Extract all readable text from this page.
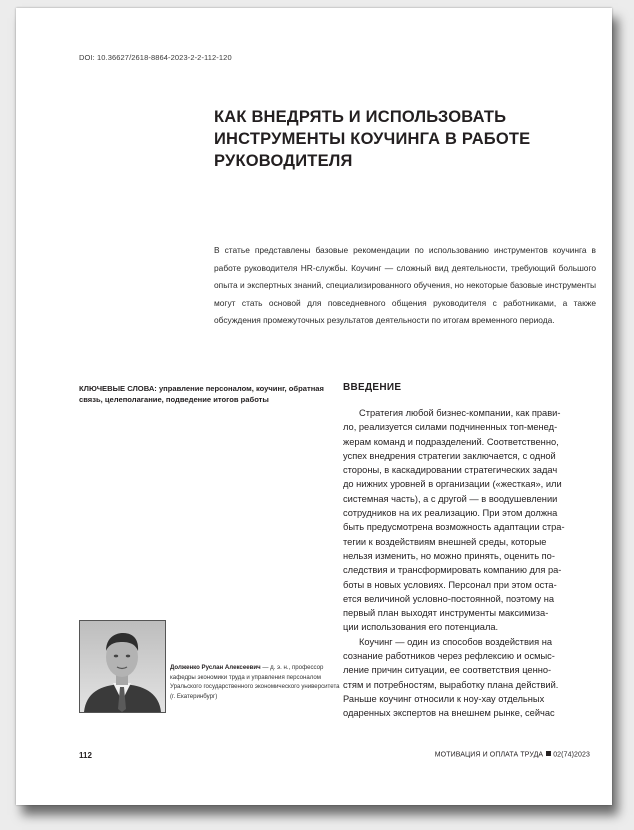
DOI: 10.36627/2618-8864-2023-2-2-112-120
КАК ВНЕДРЯТЬ И ИСПОЛЬЗОВАТЬ ИНСТРУМЕНТЫ КОУЧИНГА В РАБОТЕ РУКОВОДИТЕЛЯ
В статье представлены базовые рекомендации по использованию инструментов коучинга в работе руководителя HR-службы. Коучинг — сложный вид деятельности, требующий большого опыта и экспертных знаний, специализированного обучения, но некоторые базовые инструменты могут стать основой для повседневного общения руководителя с работниками, а также обсуждения промежуточных результатов деятельности по итогам временного периода.
КЛЮЧЕВЫЕ СЛОВА: управление персоналом, коучинг, обратная связь, целеполагание, подведение итогов работы
ВВЕДЕНИЕ

Стратегия любой бизнес-компании, как прави-
ло, реализуется силами подчиненных топ-менед-
жерам команд и подразделений. Соответственно,
успех внедрения стратегии заключается, с одной
стороны, в каскадировании стратегических задач
до нижних уровней в организации («жесткая», или
системная часть), а с другой — в воодушевлении
сотрудников на их реализацию. При этом должна
быть предусмотрена возможность адаптации стра-
тегии к воздействиям внешней среды, которые
нельзя изменить, но можно принять, оценить по-
следствия и трансформировать компанию для ра-
боты в новых условиях. Персонал при этом оста-
ется величиной условно-постоянной, поэтому на
первый план выходят инструменты максимиза-
ции использования его потенциала.

Коучинг — один из способов воздействия на
сознание работников через рефлексию и осмыс-
ление причин ситуации, ее соответствия ценно-
стям и потребностям, выработку плана действий.
Раньше коучинг относили к ноу-хау отдельных
одаренных экспертов на внешнем рынке, сейчас

Долженко Руслан Алексеевич — д. э. н., профессор кафедры экономики труда и управления персоналом Уральского государственного экономического университета (г. Екатеринбург)
112	МОТИВАЦИЯ И ОПЛАТА ТРУДА 02(74)2023
